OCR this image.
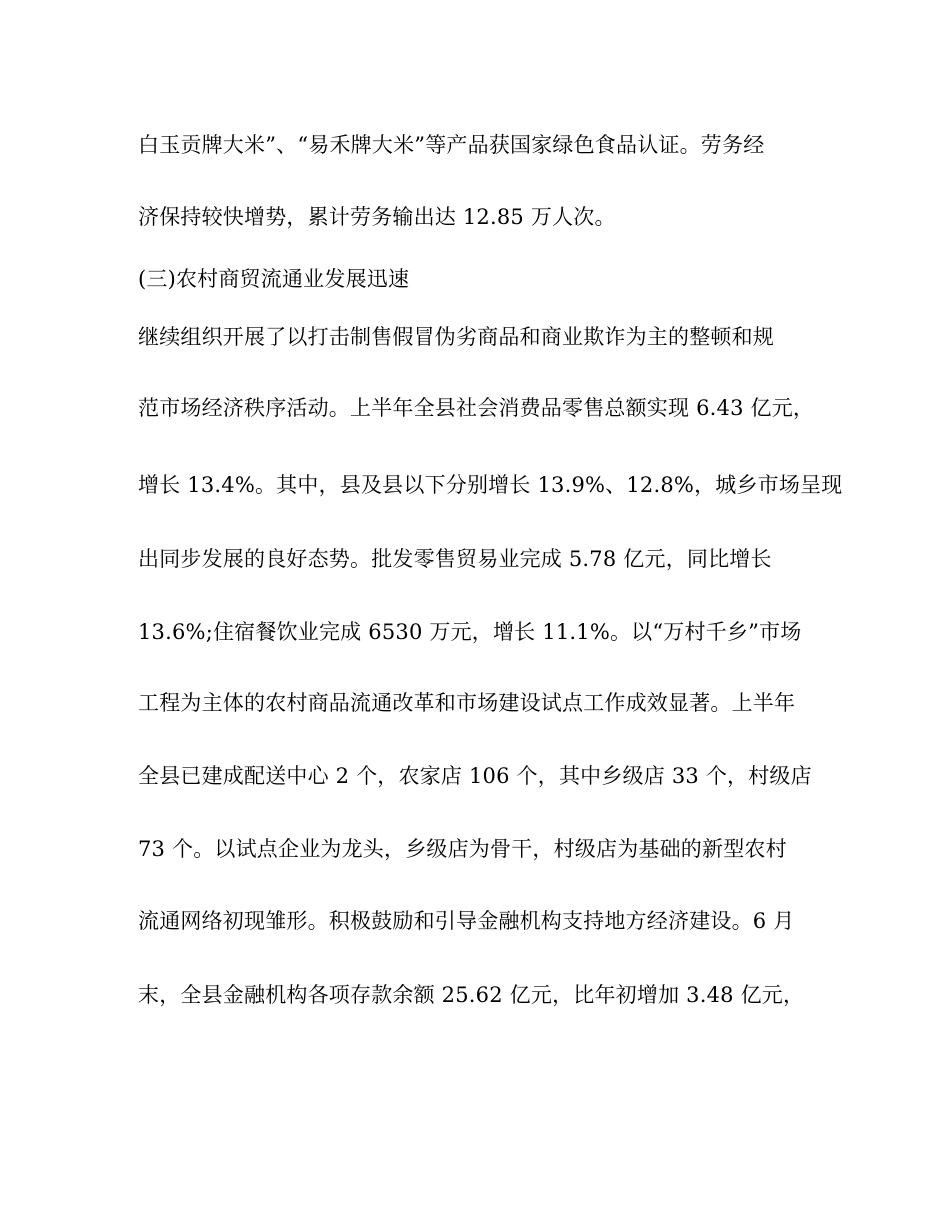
白玉贡牌大米”、“易禾牌大米”等产品获国家绿色食品认证。劳务经
济保持较快增势，累计劳务输出达 12.85 万人次。
(三)农村商贸流通业发展迅速
继续组织开展了以打击制售假冒伪劣商品和商业欺诈为主的整顿和规
范市场经济秩序活动。上半年全县社会消费品零售总额实现 6.43 亿元，
增长 13.4%。其中，县及县以下分别增长 13.9%、12.8%，城乡市场呈现
出同步发展的良好态势。批发零售贸易业完成 5.78 亿元，同比增长
13.6%;住宿餐饮业完成 6530 万元，增长 11.1%。以“万村千乡”市场
工程为主体的农村商品流通改革和市场建设试点工作成效显著。上半年
全县已建成配送中心 2 个，农家店 106 个，其中乡级店 33 个，村级店
73 个。以试点企业为龙头，乡级店为骨干，村级店为基础的新型农村
流通网络初现雏形。积极鼓励和引导金融机构支持地方经济建设。6 月
末，全县金融机构各项存款余额 25.62 亿元，比年初增加 3.48 亿元，
